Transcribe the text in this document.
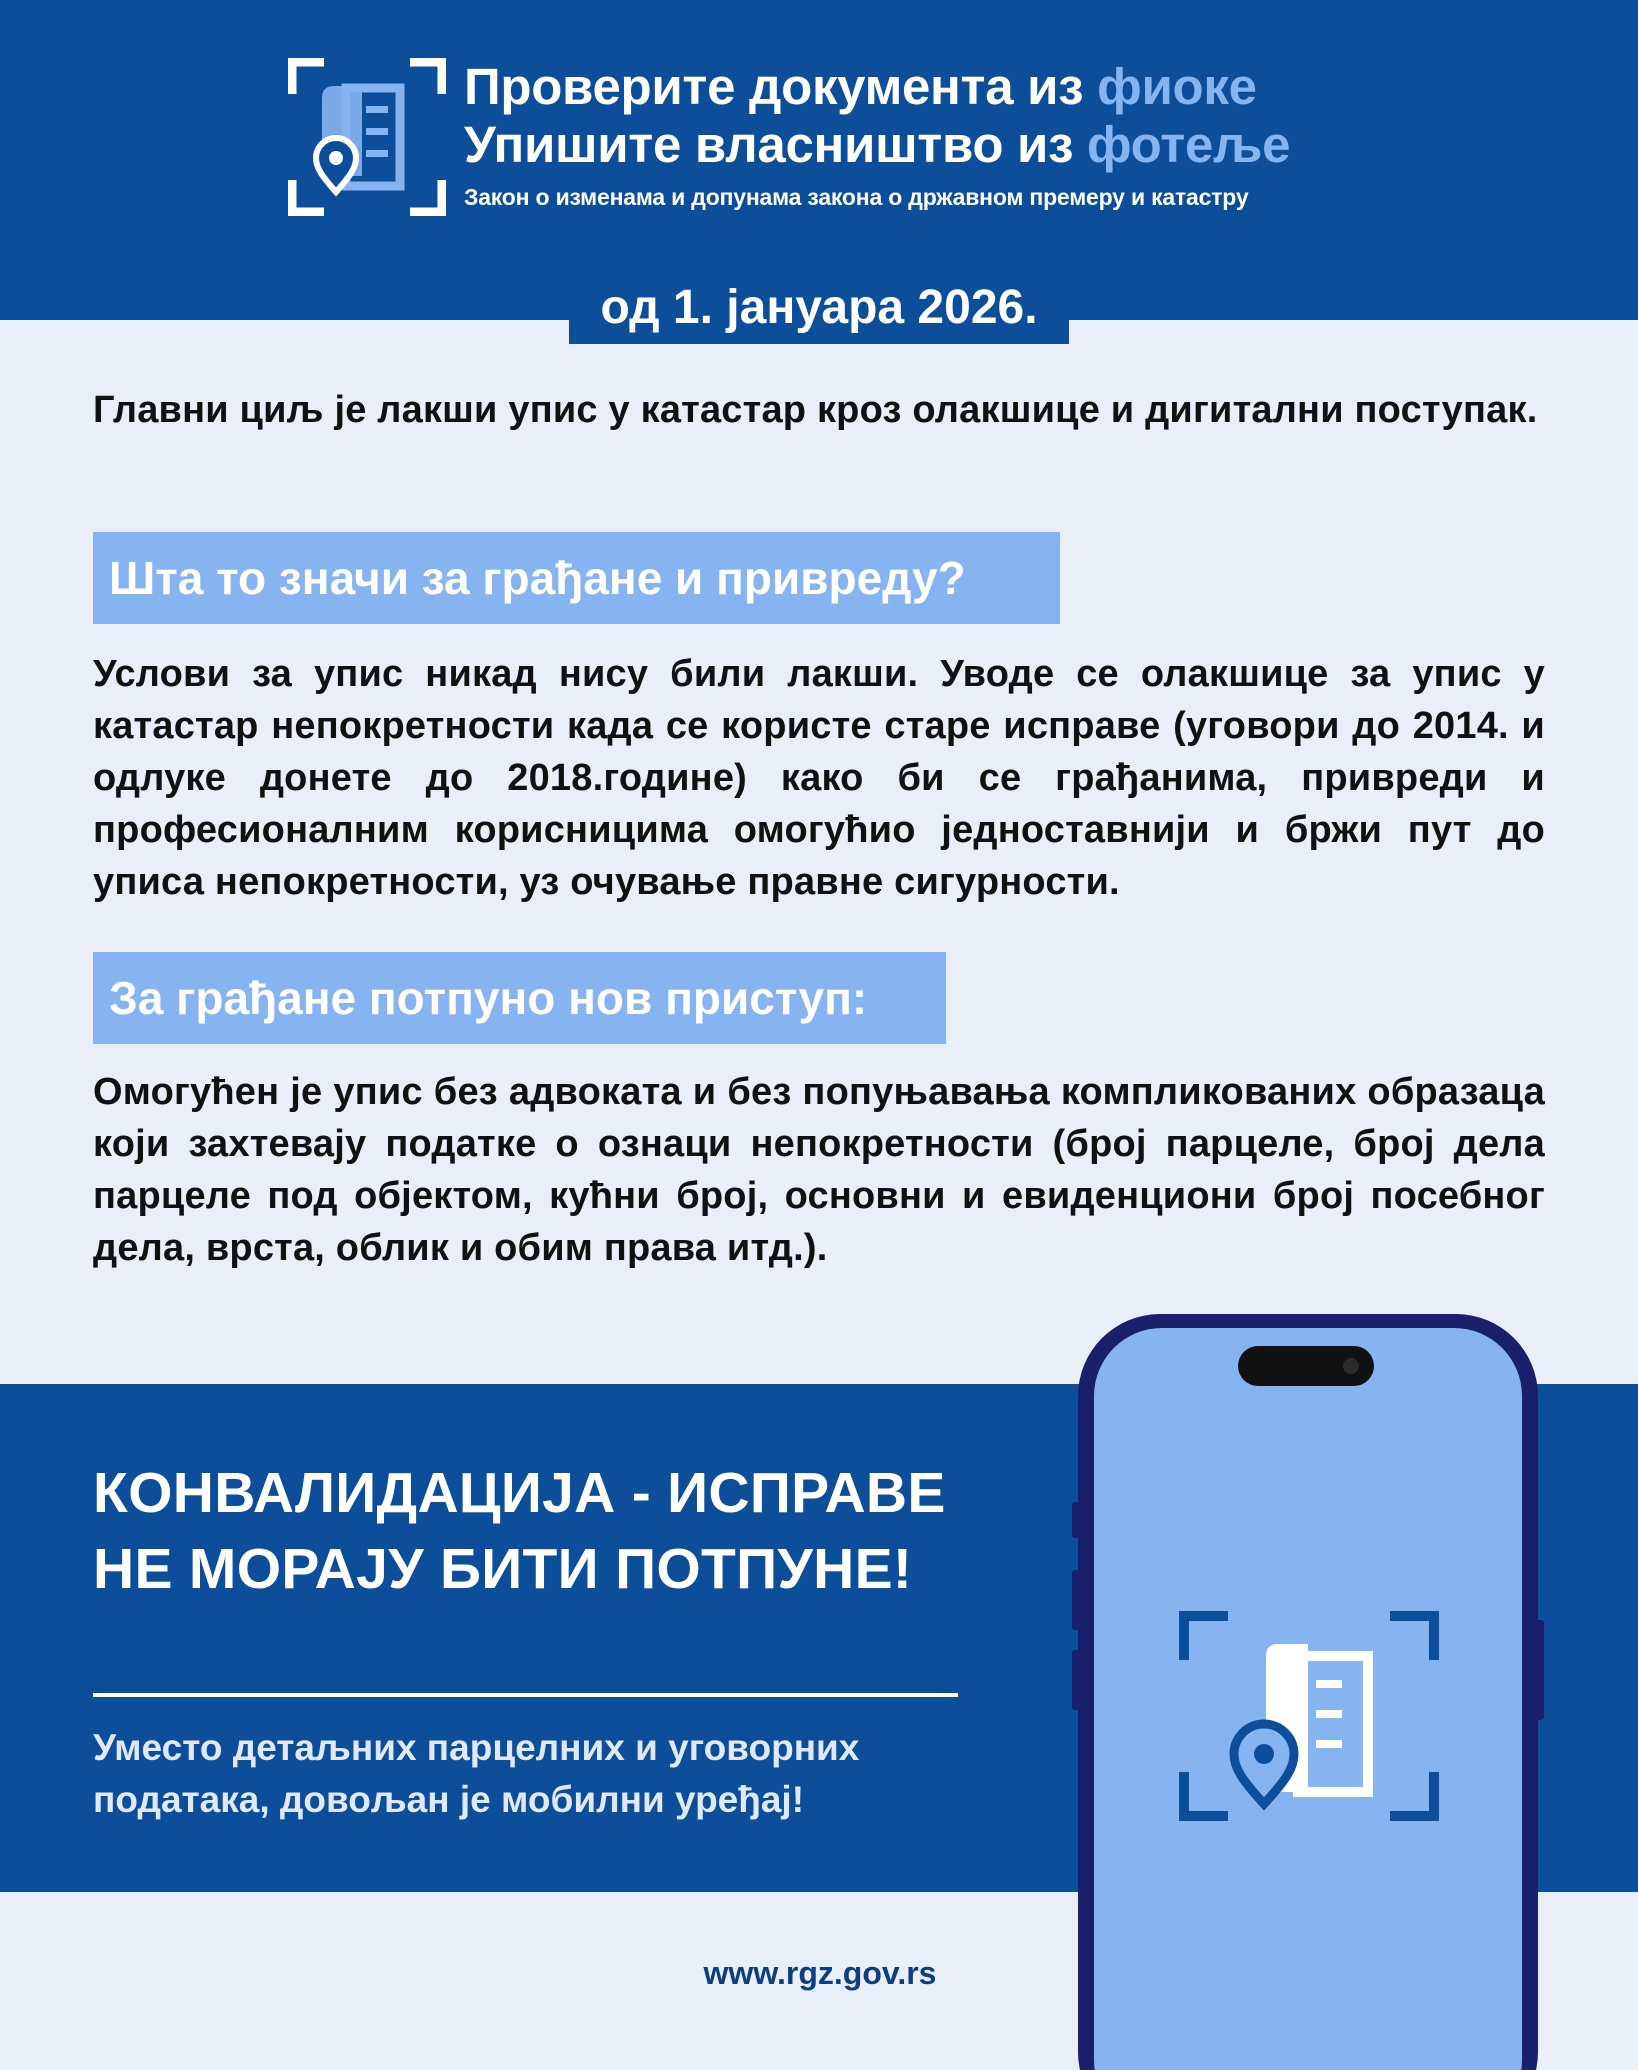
Проверите документа из фиоке
Упишите власништво из фотеље
Закон о изменама и допунама закона о државном премеру и катастру
од 1. јануара 2026.

Главни циљ је лакши упис у катастар кроз олакшице и дигитални поступак.

Шта то значи за грађане и привреду?

Услови за упис никад нису били лакши. Уводе се олакшице за упис у катастар непокретности када се користе старе исправе (уговори до 2014. и одлуке донете до 2018.године) како би се грађанима, привреди и професионалним корисницима омогућио једноставнији и бржи пут до уписа непокретности, уз очување правне сигурности.

За грађане потпуно нов приступ:

Омогућен је упис без адвоката и без попуњавања компликованих образаца који захтевају податке о ознаци непокретности (број парцеле, број дела парцеле под објектом, кућни број, основни и евиденциони број посебног дела, врста, облик и обим права итд.).

КОНВАЛИДАЦИЈА - ИСПРАВЕ НЕ МОРАЈУ БИТИ ПОТПУНЕ!
Уместо детаљних парцелних и уговорних података, довољан је мобилни уређај!
www.rgz.gov.rs
